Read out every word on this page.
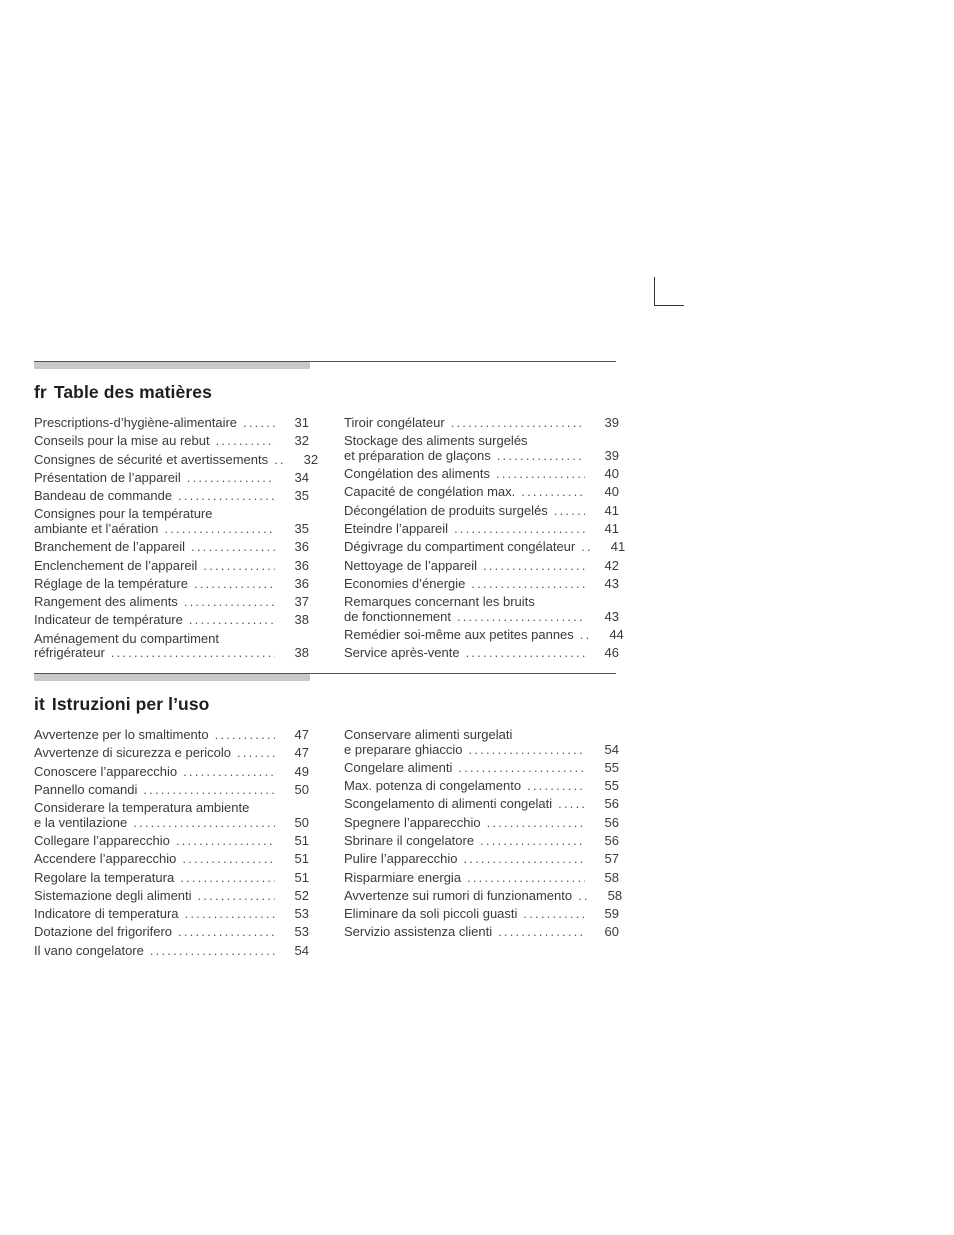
fr Table des matières
Prescriptions-d’hygiène-alimentaire .....	31
Conseils pour la mise au rebut .....	32
Consignes de sécurité et avertissements .....	32
Présentation de l’appareil .....	34
Bandeau de commande .....	35
Consignes pour la température
ambiante et l’aération .....	35
Branchement de l’appareil .....	36
Enclenchement de l’appareil .....	36
Réglage de la température .....	36
Rangement des aliments .....	37
Indicateur de température .....	38
Aménagement du compartiment
réfrigérateur .....	38
Tiroir congélateur .....	39
Stockage des aliments surgelés
et préparation de glaçons .....	39
Congélation des aliments .....	40
Capacité de congélation max. .....	40
Décongélation de produits surgelés .....	41
Eteindre l’appareil .....	41
Dégivrage du compartiment congélateur .....	41
Nettoyage de l’appareil .....	42
Economies d’énergie .....	43
Remarques concernant les bruits
de fonctionnement .....	43
Remédier soi-même aux petites pannes .....	44
Service après-vente .....	46
it Istruzioni per l’uso
Avvertenze per lo smaltimento .....	47
Avvertenze di sicurezza e pericolo .....	47
Conoscere l’apparecchio .....	49
Pannello comandi .....	50
Considerare la temperatura ambiente
e la ventilazione .....	50
Collegare l’apparecchio .....	51
Accendere l’apparecchio .....	51
Regolare la temperatura .....	51
Sistemazione degli alimenti .....	52
Indicatore di temperatura .....	53
Dotazione del frigorifero .....	53
Il vano congelatore .....	54
Conservare alimenti surgelati
e preparare ghiaccio .....	54
Congelare alimenti .....	55
Max. potenza di congelamento .....	55
Scongelamento di alimenti congelati .....	56
Spegnere l’apparecchio .....	56
Sbrinare il congelatore .....	56
Pulire l’apparecchio .....	57
Risparmiare energia .....	58
Avvertenze sui rumori di funzionamento .....	58
Eliminare da soli piccoli guasti .....	59
Servizio assistenza clienti .....	60
